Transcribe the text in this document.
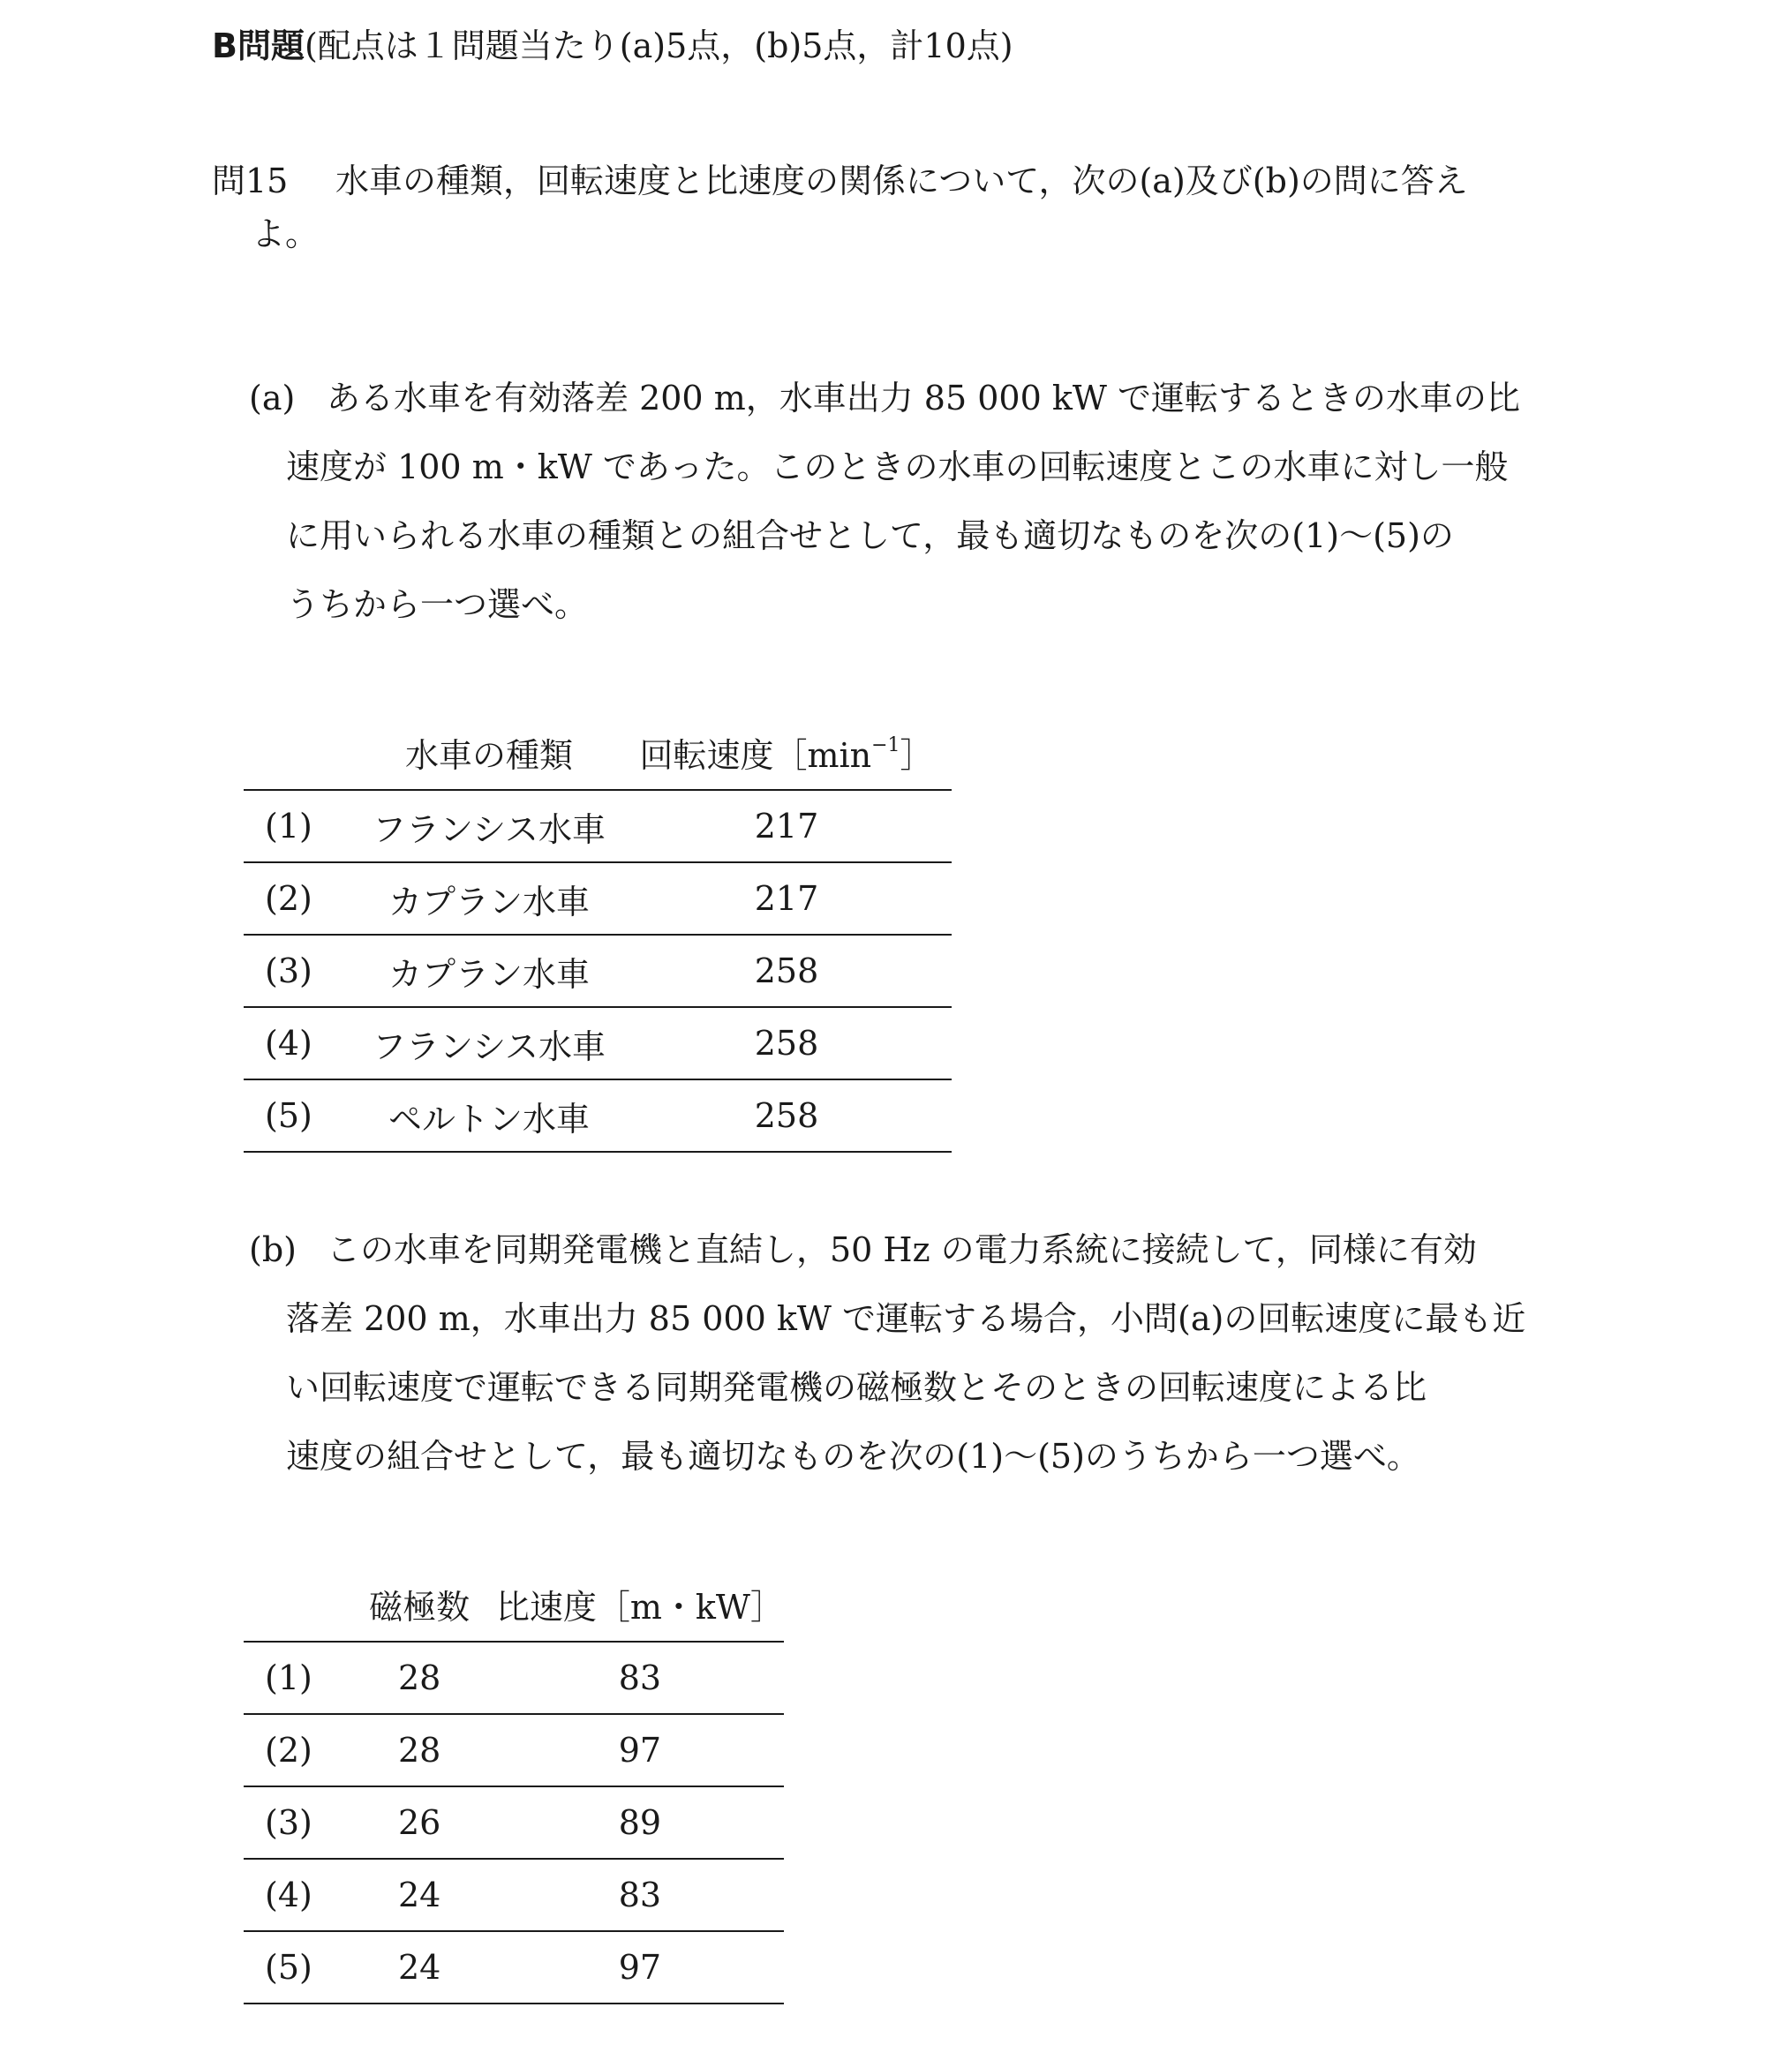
B問題(配点は１問題当たり(a)5点，(b)5点，計10点)
問15 水車の種類，回転速度と比速度の関係について，次の(a)及び(b)の問に答え
よ。
(a) ある水車を有効落差 200 m，水車出力 85 000 kW で運転するときの水車の比
速度が 100 m・kW であった。このときの水車の回転速度とこの水車に対し一般
に用いられる水車の種類との組合せとして，最も適切なものを次の(1)～(5)の
うちから一つ選べ。
	水車の種類	回転速度$[\min^{-1}]$
(1)	フランシス水車	217
(2)	カプラン水車	217
(3)	カプラン水車	258
(4)	フランシス水車	258
(5)	ペルトン水車	258
(b) この水車を同期発電機と直結し，50 Hz の電力系統に接続して，同様に有効
落差 200 m，水車出力 85 000 kW で運転する場合，小問(a)の回転速度に最も近
い回転速度で運転できる同期発電機の磁極数とそのときの回転速度による比
速度の組合せとして，最も適切なものを次の(1)～(5)のうちから一つ選べ。
	磁極数	比速度［m・kW］
(1)	28	83
(2)	28	97
(3)	26	89
(4)	24	83
(5)	24	97
